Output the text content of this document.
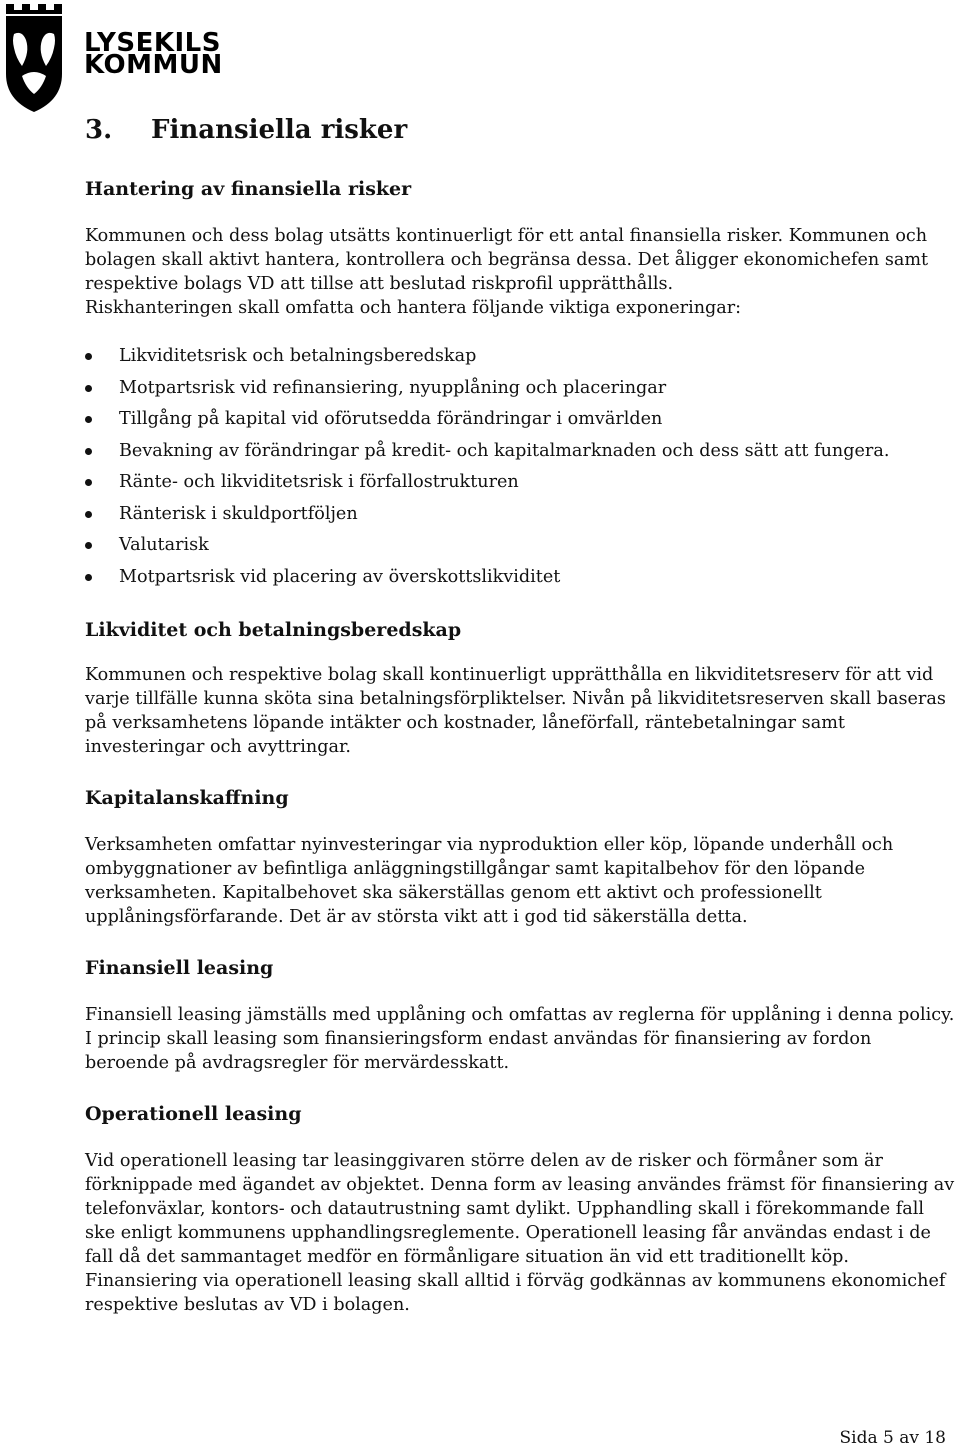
LYSEKILS
KOMMUN
3. Finansiella risker
Hantering av finansiella risker

Kommunen och dess bolag utsätts kontinuerligt för ett antal finansiella risker. Kommunen och bolagen skall aktivt hantera, kontrollera och begränsa dessa. Det åligger ekonomichefen samt respektive bolags VD att tillse att beslutad riskprofil upprätthålls.

Riskhanteringen skall omfatta och hantera följande viktiga exponeringar:

Likviditetsrisk och betalningsberedskap
Motpartsrisk vid refinansiering, nyupplåning och placeringar
Tillgång på kapital vid oförutsedda förändringar i omvärlden
Bevakning av förändringar på kredit- och kapitalmarknaden och dess sätt att fungera.
Ränte- och likviditetsrisk i förfallostrukturen
Ränterisk i skuldportföljen
Valutarisk
Motpartsrisk vid placering av överskottslikviditet
Likviditet och betalningsberedskap

Kommunen och respektive bolag skall kontinuerligt upprätthålla en likviditetsreserv för att vid varje tillfälle kunna sköta sina betalningsförpliktelser. Nivån på likviditetsreserven skall baseras på verksamhetens löpande intäkter och kostnader, låneförfall, räntebetalningar samt investeringar och avyttringar.

Kapitalanskaffning

Verksamheten omfattar nyinvesteringar via nyproduktion eller köp, löpande underhåll och ombyggnationer av befintliga anläggningstillgångar samt kapitalbehov för den löpande verksamheten. Kapitalbehovet ska säkerställas genom ett aktivt och professionellt upplåningsförfarande. Det är av största vikt att i god tid säkerställa detta.

Finansiell leasing

Finansiell leasing jämställs med upplåning och omfattas av reglerna för upplåning i denna policy. I princip skall leasing som finansieringsform endast användas för finansiering av fordon beroende på avdragsregler för mervärdesskatt.

Operationell leasing

Vid operationell leasing tar leasinggivaren större delen av de risker och förmåner som är förknippade med ägandet av objektet. Denna form av leasing användes främst för finansiering av telefonväxlar, kontors- och datautrustning samt dylikt. Upphandling skall i förekommande fall ske enligt kommunens upphandlingsreglemente. Operationell leasing får användas endast i de fall då det sammantaget medför en förmånligare situation än vid ett traditionellt köp. Finansiering via operationell leasing skall alltid i förväg godkännas av kommunens ekonomichef respektive beslutas av VD i bolagen.

Sida 5 av 18
